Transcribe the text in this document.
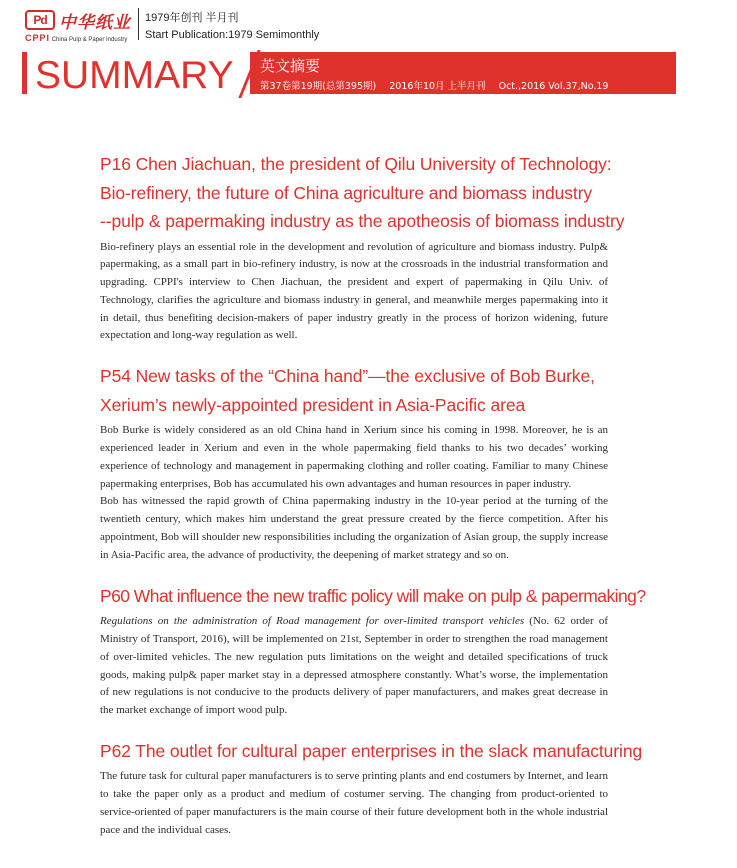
Pd 中华纸业
CPPI China Pulp & Paper Industry
1979年创刊 半月刊
Start Publication:1979 Semimonthly
SUMMARY 英文摘要
第37卷第19期(总第395期) 2016年10月 上半月刊 Oct.,2016 Vol.37,No.19
P16 Chen Jiachuan, the president of Qilu University of Technology:
Bio-refinery, the future of China agriculture and biomass industry
--pulp & papermaking industry as the apotheosis of biomass industry

Bio-refinery plays an essential role in the development and revolution of agriculture and biomass industry. Pulp& papermaking, as a small part in bio-refinery industry, is now at the crossroads in the industrial transformation and upgrading. CPPI's interview to Chen Jiachuan, the president and expert of papermaking in Qilu Univ. of Technology, clarifies the agriculture and biomass industry in general, and meanwhile merges papermaking into it in detail, thus benefiting decision-makers of paper industry greatly in the process of horizon widening, future expectation and long-way regulation as well.

P54 New tasks of the “China hand”—the exclusive of Bob Burke,
Xerium’s newly-appointed president in Asia-Pacific area

Bob Burke is widely considered as an old China hand in Xerium since his coming in 1998. Moreover, he is an experienced leader in Xerium and even in the whole papermaking field thanks to his two decades’ working experience of technology and management in papermaking clothing and roller coating. Familiar to many Chinese papermaking enterprises, Bob has accumulated his own advantages and human resources in paper industry.

Bob has witnessed the rapid growth of China papermaking industry in the 10-year period at the turning of the twentieth century, which makes him understand the great pressure created by the fierce competition. After his appointment, Bob will shoulder new responsibilities including the organization of Asian group, the supply increase in Asia-Pacific area, the advance of productivity, the deepening of market strategy and so on.

P60 What influence the new traffic policy will make on pulp & papermaking?

Regulations on the administration of Road management for over-limited transport vehicles (No. 62 order of Ministry of Transport, 2016), will be implemented on 21st, September in order to strengthen the road management of over-limited vehicles. The new regulation puts limitations on the weight and detailed specifications of truck goods, making pulp& paper market stay in a depressed atmosphere constantly. What’s worse, the implementation of new regulations is not conducive to the products delivery of paper manufacturers, and makes great decrease in the market exchange of import wood pulp.

P62 The outlet for cultural paper enterprises in the slack manufacturing

The future task for cultural paper manufacturers is to serve printing plants and end costumers by Internet, and learn to take the paper only as a product and medium of costumer serving. The changing from product-oriented to service-oriented of paper manufacturers is the main course of their future development both in the whole industrial pace and the individual cases.
